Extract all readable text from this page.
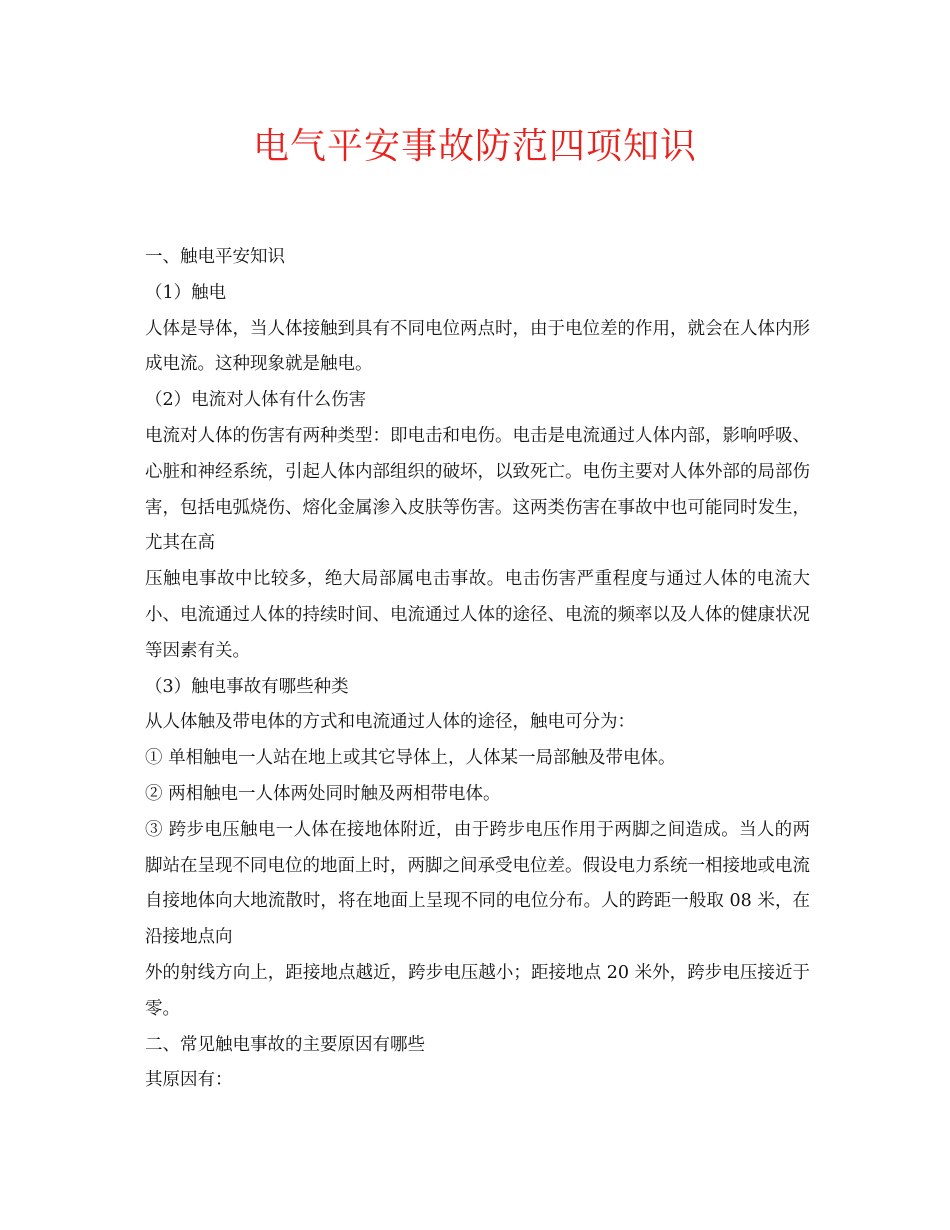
电气平安事故防范四项知识

一、触电平安知识

（1）触电

人体是导体，当人体接触到具有不同电位两点时，由于电位差的作用，就会在人体内形成电流。这种现象就是触电。

（2）电流对人体有什么伤害

电流对人体的伤害有两种类型：即电击和电伤。电击是电流通过人体内部，影响呼吸、心脏和神经系统，引起人体内部组织的破坏，以致死亡。电伤主要对人体外部的局部伤害，包括电弧烧伤、熔化金属渗入皮肤等伤害。这两类伤害在事故中也可能同时发生，尤其在高

压触电事故中比较多，绝大局部属电击事故。电击伤害严重程度与通过人体的电流大小、电流通过人体的持续时间、电流通过人体的途径、电流的频率以及人体的健康状况等因素有关。

（3）触电事故有哪些种类

从人体触及带电体的方式和电流通过人体的途径，触电可分为：

① 单相触电一人站在地上或其它导体上，人体某一局部触及带电体。

② 两相触电一人体两处同时触及两相带电体。

③ 跨步电压触电一人体在接地体附近，由于跨步电压作用于两脚之间造成。当人的两脚站在呈现不同电位的地面上时，两脚之间承受电位差。假设电力系统一相接地或电流自接地体向大地流散时，将在地面上呈现不同的电位分布。人的跨距一般取 08 米，在沿接地点向

外的射线方向上，距接地点越近，跨步电压越小；距接地点 20 米外，跨步电压接近于零。

二、常见触电事故的主要原因有哪些

其原因有：
